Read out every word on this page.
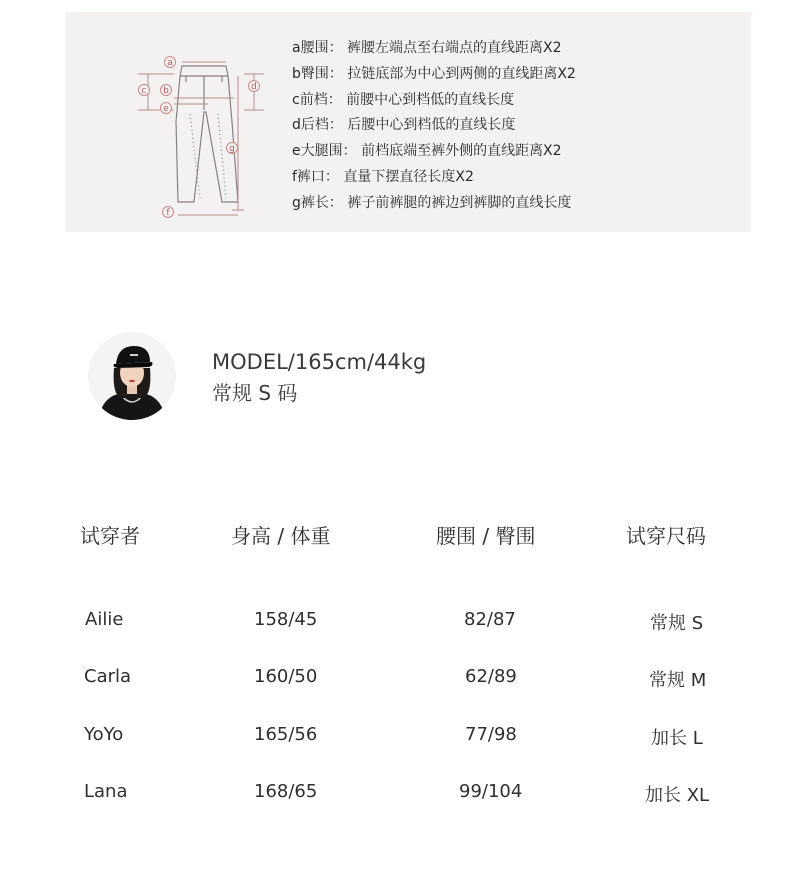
a
b
c	d
e
f
g
a腰围： 裤腰左端点至右端点的直线距离X2
b臀围： 拉链底部为中心到两侧的直线距离X2
c前档： 前腰中心到档低的直线长度
d后档： 后腰中心到档低的直线长度
e大腿围： 前档底端至裤外侧的直线距离X2
f裤口： 直量下摆直径长度X2
g裤长： 裤子前裤腿的裤边到裤脚的直线长度
MODEL/165cm/44kg
常规 S 码
试穿者	身高 / 体重	腰围 / 臀围	试穿尺码
Ailie	158/45	82/87	常规 S
Carla	160/50	62/89	常规 M
YoYo	165/56	77/98	加长 L
Lana	168/65	99/104	加长 XL
